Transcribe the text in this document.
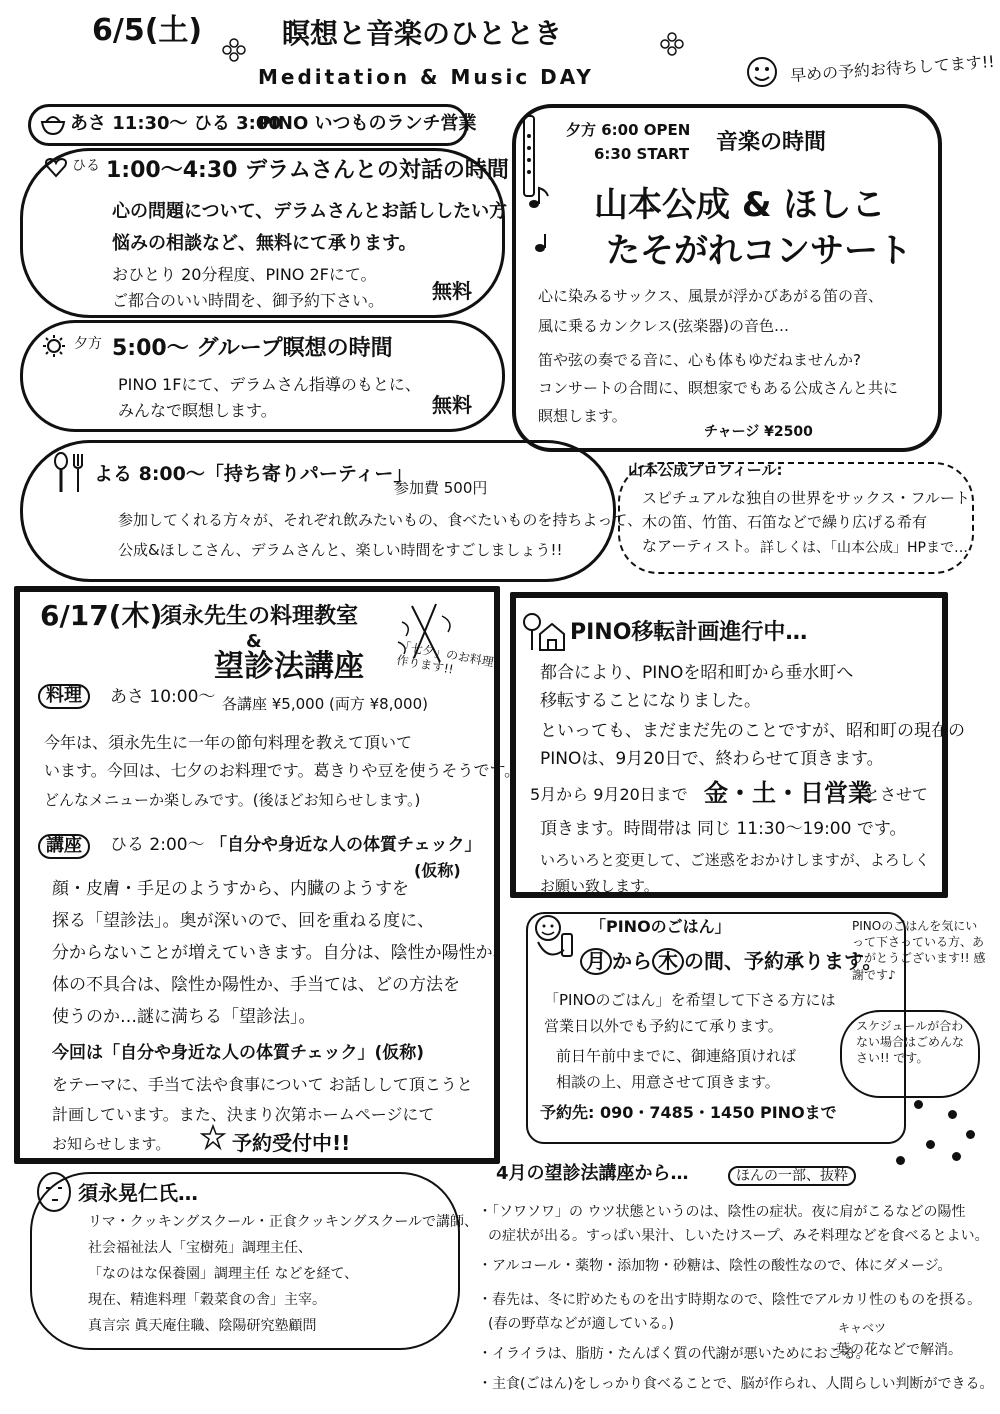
6/5(土)	瞑想と音楽のひととき
Meditation & Music DAY	早めの予約お待ちしてます!!
あさ 11:30〜 ひる 3:00
PINO いつものランチ営業
ひる 1:00〜4:30 デラムさんとの対話の時間
心の問題について、デラムさんとお話ししたい方
悩みの相談など、無料にて承ります。
おひとり 20分程度、PINO 2Fにて。
ご都合のいい時間を、御予約下さい。 無料
夕方 5:00〜 グループ瞑想の時間
PINO 1Fにて、デラムさん指導のもとに、
みんなで瞑想します。	無料
よる 8:00〜「持ち寄りパーティー」
参加費 500円
参加してくれる方々が、それぞれ飲みたいもの、食べたいものを持ちよって、
公成&ほしこさん、デラムさんと、楽しい時間をすごしましょう!!
夕方 6:00 OPEN
6:30 START 音楽の時間
山本公成 & ほしこ
たそがれコンサート
心に染みるサックス、風景が浮かびあがる笛の音、
風に乗るカンクレス(弦楽器)の音色…
笛や弦の奏でる音に、心も体もゆだねませんか?
コンサートの合間に、瞑想家でもある公成さんと共に
瞑想します。
チャージ ¥2500
山本公成プロフィール:
スピチュアルな独自の世界をサックス・フルート
木の笛、竹笛、石笛などで繰り広げる希有
なアーティスト。 詳しくは、「山本公成」HPまで…
6/17(木)
須永先生の料理教室
&
望診法講座	「七夕」のお料理作ります!!
料理	あさ 10:00〜 各講座 ¥5,000 (両方 ¥8,000)
今年は、須永先生に一年の節句料理を教えて頂いて
います。今回は、七夕のお料理です。葛きりや豆を使うそうです。
どんなメニューか楽しみです。(後ほどお知らせします。)
講座	ひる 2:00〜 「自分や身近な人の体質チェック」
(仮称)
顔・皮膚・手足のようすから、内臓のようすを
探る「望診法」。奥が深いので、回を重ねる度に、
分からないことが増えていきます。自分は、陰性か陽性か、
体の不具合は、陰性か陽性か、手当ては、どの方法を
使うのか…謎に満ちる「望診法」。
今回は「自分や身近な人の体質チェック」(仮称)
をテーマに、手当て法や食事について お話しして頂こうと
計画しています。また、決まり次第ホームページにて
お知らせします。	予約受付中!!
須永晃仁氏…
リマ・クッキングスクール・正食クッキングスクールで講師、
社会福祉法人「宝樹苑」調理主任、
「なのはな保養園」調理主任 などを経て、
現在、精進料理「穀菜食の舎」主宰。
真言宗 眞天庵住職、陰陽研究塾顧問
PINO移転計画進行中…
都合により、PINOを昭和町から垂水町へ
移転することになりました。
といっても、まだまだ先のことですが、昭和町の現在の
PINOは、9月20日で、終わらせて頂きます。
5月から 9月20日まで 金・土・日営業
とさせて
頂きます。時間帯は 同じ 11:30〜19:00 です。
いろいろと変更して、ご迷惑をおかけしますが、よろしく
お願い致します。
「PINOのごはん」
月 から 木 の間、予約承ります。
「PINOのごはん」を希望して下さる方には
営業日以外でも予約にて承ります。
前日午前中までに、御連絡頂ければ
相談の上、用意させて頂きます。
予約先: 090・7485・1450 PINOまで
PINOのごはんを気にいって下さっている方、ありがとうございます!! 感謝です♪
スケジュールが合わない場合はごめんなさい!! です。
4月の望診法講座から…	ほんの一部、抜粋
・「ソワソワ」の ウツ状態というのは、陰性の症状。夜に肩がこるなどの陽性
の症状が出る。すっぱい果汁、しいたけスープ、みそ料理などを食べるとよい。
・アルコール・薬物・添加物・砂糖は、陰性の酸性なので、体にダメージ。
・春先は、冬に貯めたものを出す時期なので、陰性でアルカリ性のものを摂る。
(春の野草などが適している。)
・イライラは、脂肪・たんぱく質の代謝が悪いためにおこる。
キャベツ
葉の花などで解消。
・主食(ごはん)をしっかり食べることで、脳が作られ、人間らしい判断ができる。
